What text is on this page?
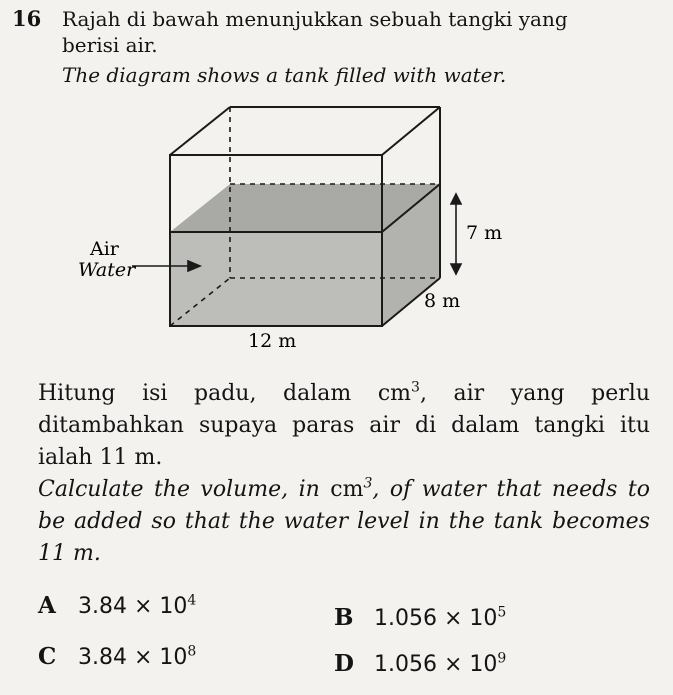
16 Rajah di bawah menunjukkan sebuah tangki yang berisi air.
The diagram shows a tank filled with water.
Air
Water
7 m
8 m
12 m
Hitung isi padu, dalam $cm^3$, air yang perlu ditambahkan supaya paras air di dalam tangki itu ialah 11 m.
Calculate the volume, in $cm^3$, of water that needs to be added so that the water level in the tank becomes 11 m.
A $3.84 \times 10^4$
B $1.056 \times 10^5$
C $3.84 \times 10^8$	D $1.056 \times 10^9$
